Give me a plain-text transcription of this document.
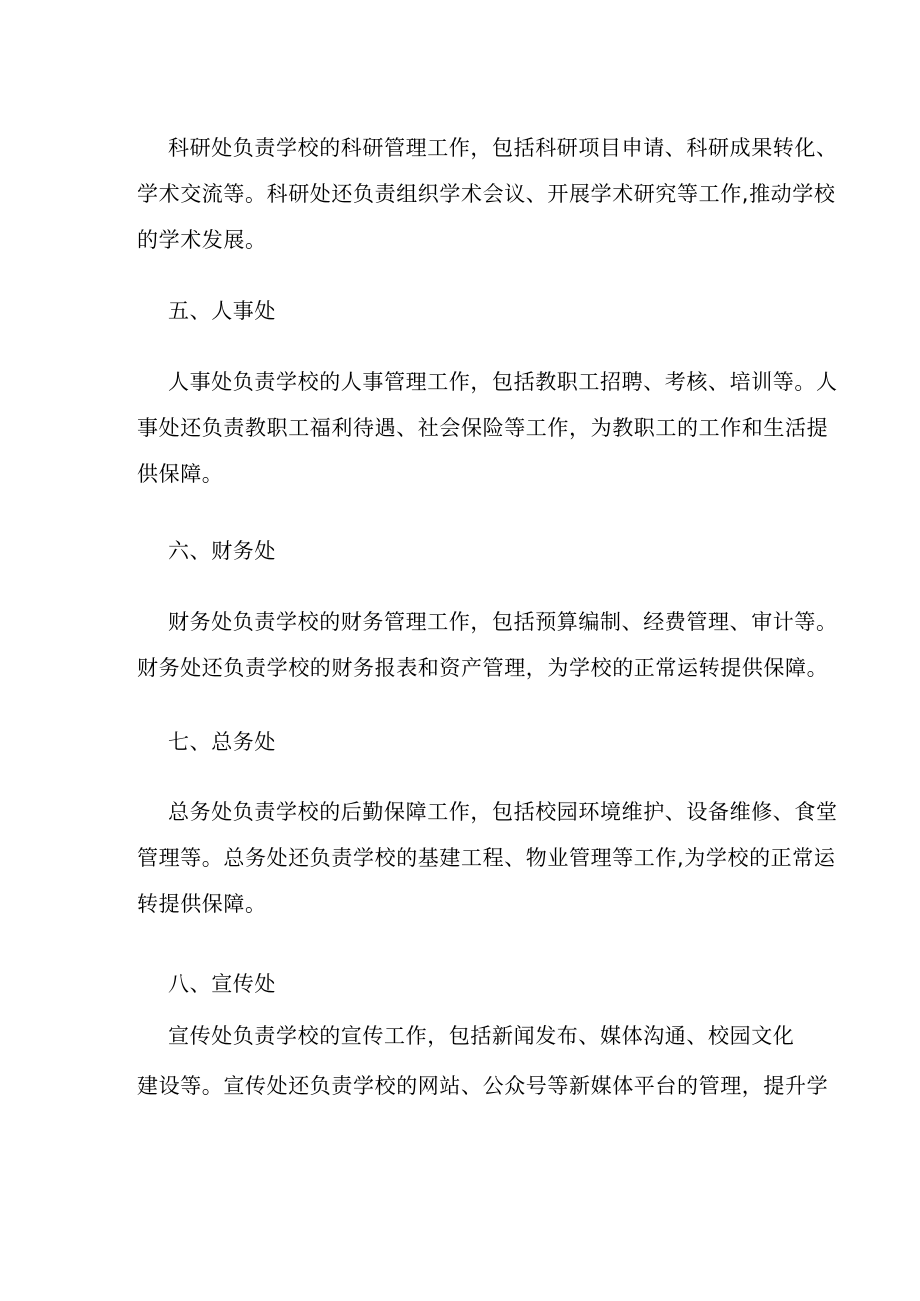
科研处负责学校的科研管理工作，包括科研项目申请、科研成果转化、
学术交流等。科研处还负责组织学术会议、开展学术研究等工作,推动学校
的学术发展。
五、人事处
人事处负责学校的人事管理工作，包括教职工招聘、考核、培训等。人
事处还负责教职工福利待遇、社会保险等工作，为教职工的工作和生活提
供保障。
六、财务处
财务处负责学校的财务管理工作，包括预算编制、经费管理、审计等。
财务处还负责学校的财务报表和资产管理，为学校的正常运转提供保障。
七、总务处
总务处负责学校的后勤保障工作，包括校园环境维护、设备维修、食堂
管理等。总务处还负责学校的基建工程、物业管理等工作,为学校的正常运
转提供保障。
八、宣传处
宣传处负责学校的宣传工作，包括新闻发布、媒体沟通、校园文化
建设等。宣传处还负责学校的网站、公众号等新媒体平台的管理，提升学
